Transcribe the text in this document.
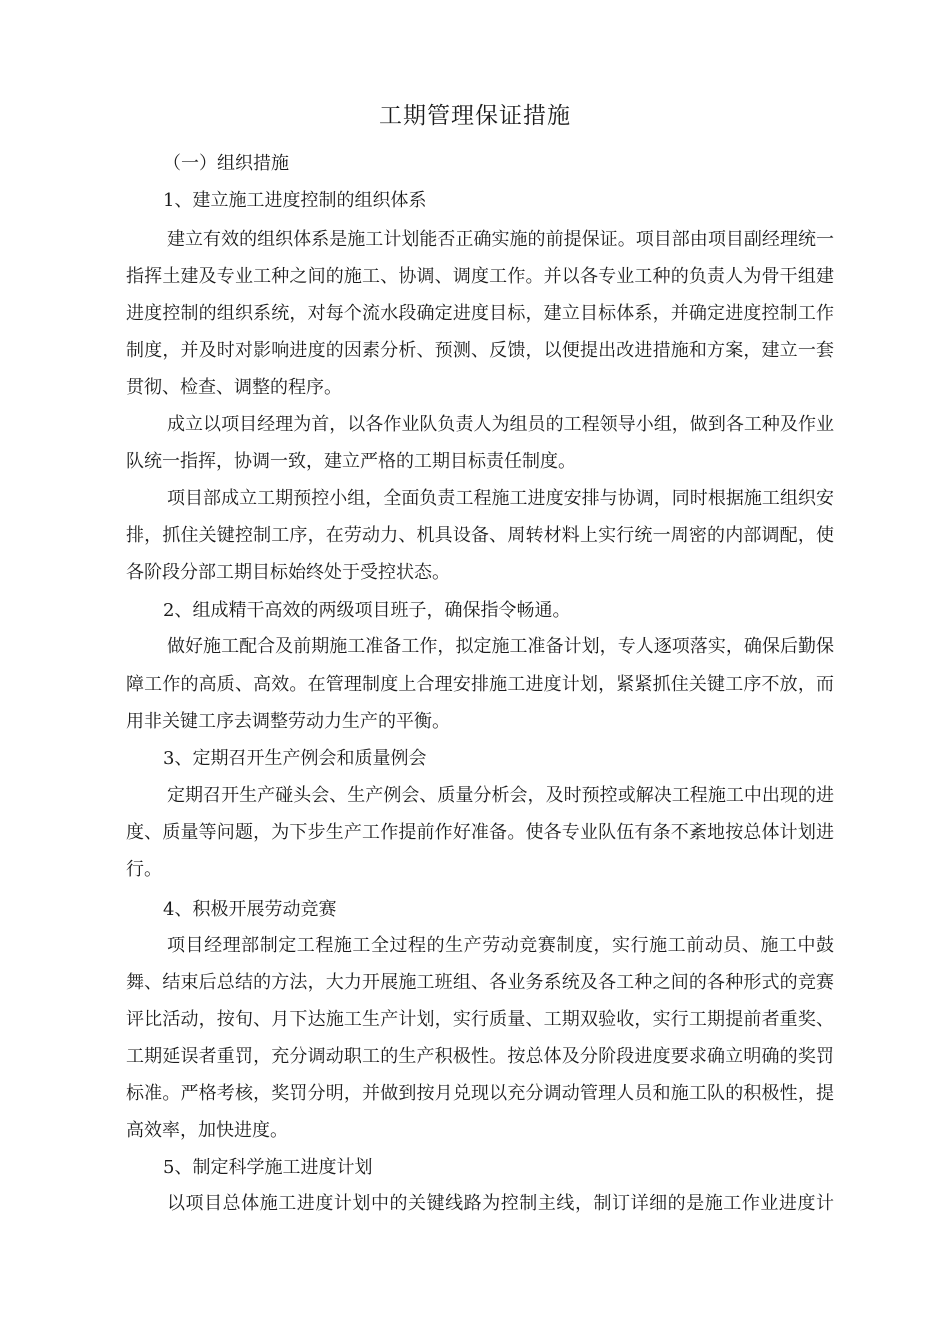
工期管理保证措施
（一）组织措施
1、建立施工进度控制的组织体系
建立有效的组织体系是施工计划能否正确实施的前提保证。项目部由项目副经理统一
指挥土建及专业工种之间的施工、协调、调度工作。并以各专业工种的负责人为骨干组建
进度控制的组织系统，对每个流水段确定进度目标，建立目标体系，并确定进度控制工作
制度，并及时对影响进度的因素分析、预测、反馈，以便提出改进措施和方案，建立一套
贯彻、检查、调整的程序。
成立以项目经理为首，以各作业队负责人为组员的工程领导小组，做到各工种及作业
队统一指挥，协调一致，建立严格的工期目标责任制度。
项目部成立工期预控小组，全面负责工程施工进度安排与协调，同时根据施工组织安
排，抓住关键控制工序，在劳动力、机具设备、周转材料上实行统一周密的内部调配，使
各阶段分部工期目标始终处于受控状态。
2、组成精干高效的两级项目班子，确保指令畅通。
做好施工配合及前期施工准备工作，拟定施工准备计划，专人逐项落实，确保后勤保
障工作的高质、高效。在管理制度上合理安排施工进度计划，紧紧抓住关键工序不放，而
用非关键工序去调整劳动力生产的平衡。
3、定期召开生产例会和质量例会
定期召开生产碰头会、生产例会、质量分析会，及时预控或解决工程施工中出现的进
度、质量等问题，为下步生产工作提前作好准备。使各专业队伍有条不紊地按总体计划进
行。
4、积极开展劳动竞赛
项目经理部制定工程施工全过程的生产劳动竞赛制度，实行施工前动员、施工中鼓
舞、结束后总结的方法，大力开展施工班组、各业务系统及各工种之间的各种形式的竞赛
评比活动，按旬、月下达施工生产计划，实行质量、工期双验收，实行工期提前者重奖、
工期延误者重罚，充分调动职工的生产积极性。按总体及分阶段进度要求确立明确的奖罚
标准。严格考核，奖罚分明，并做到按月兑现以充分调动管理人员和施工队的积极性，提
高效率，加快进度。
5、制定科学施工进度计划
以项目总体施工进度计划中的关键线路为控制主线，制订详细的是施工作业进度计
